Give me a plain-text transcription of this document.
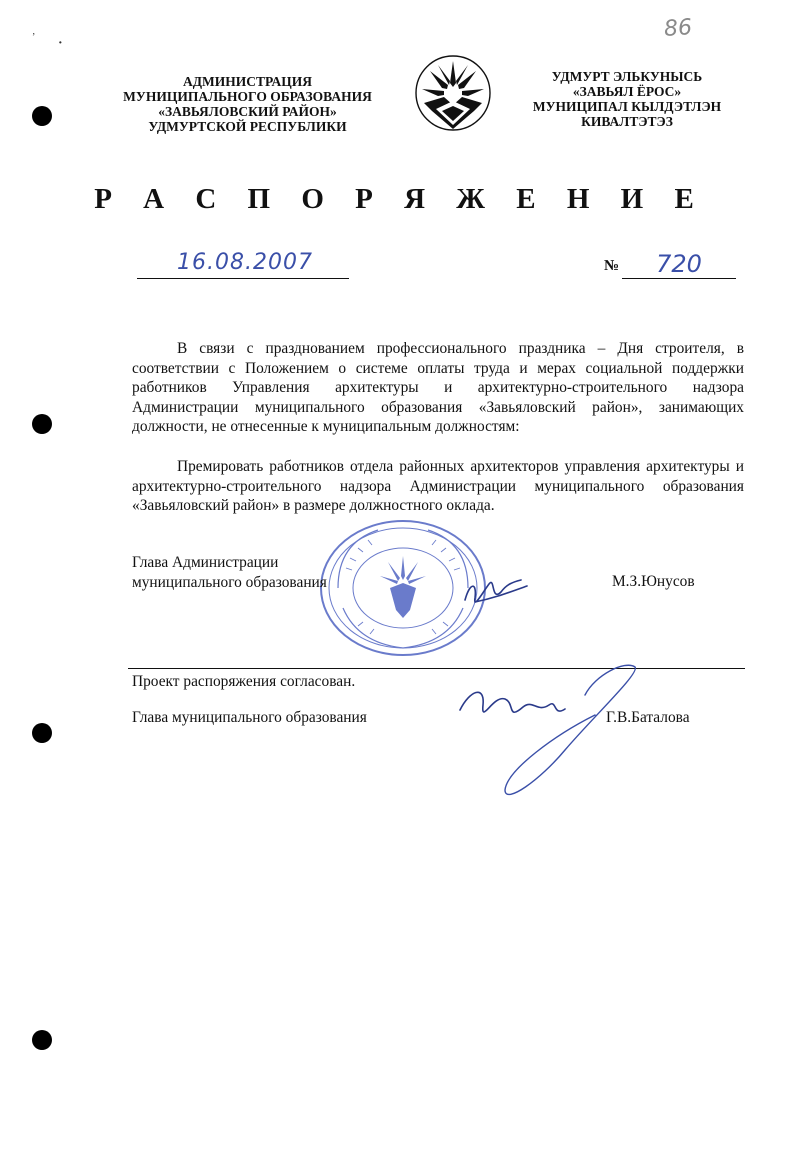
ʼ ·
86
АДМИНИСТРАЦИЯ
МУНИЦИПАЛЬНОГО ОБРАЗОВАНИЯ
«ЗАВЬЯЛОВСКИЙ РАЙОН»
УДМУРТСКОЙ РЕСПУБЛИКИ
УДМУРТ ЭЛЬКУНЫСЬ
«ЗАВЬЯЛ ЁРОС»
МУНИЦИПАЛ КЫЛДЭТЛЭН
КИВАЛТЭТЭЗ
Р А С П О Р Я Ж Е Н И Е
16.08.2007	№	720
В связи с празднованием профессионального праздника – Дня строителя, в соответствии с Положением о системе оплаты труда и мерах социальной поддержки работников Управления архитектуры и архитектурно-строительного надзора Администрации муниципального образования «Завьяловский район», занимающих должности, не отнесенные к муниципальным должностям:
Премировать работников отдела районных архитекторов управления архитектуры и архитектурно-строительного надзора Администрации муниципального образования «Завьяловский район» в размере должностного оклада.
Глава Администрации
муниципального образования	М.З.Юнусов
Проект распоряжения согласован.
Глава муниципального образования	Г.В.Баталова
